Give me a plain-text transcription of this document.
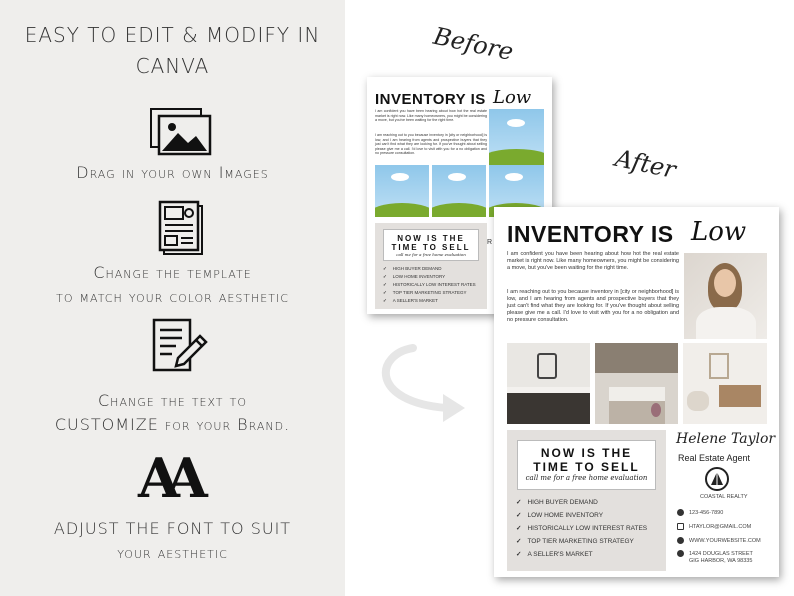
EASY TO EDIT & MODIFY IN
CANVA
Drag in your own Images
Change the template
to match your color aesthetic
Change the text to
CUSTOMIZE for your Brand.
AA
ADJUST THE FONT TO SUIT
your aesthetic
Before
After
INVENTORY IS Low
I am confident you have been hearing about how hot the real estate market is right now. Like many homeowners, you might be considering a move, but you've been waiting for the right time.
I am reaching out to you because inventory in [city or neighborhood] is low, and I am hearing from agents and prospective buyers that they just can't find what they are looking for. If you've thought about selling please give me a call. I'd love to visit with you for a no obligation and no pressure consultation.
NOW IS THE
TIME TO SELL
call me for a free home evaluation
✓ HIGH BUYER DEMAND
✓ LOW HOME INVENTORY
✓ HISTORICALLY LOW INTEREST RATES
✓ TOP TIER MARKETING STRATEGY
✓ A SELLER'S MARKET
R INVENTORY IS Low
I am confident you have been hearing about how hot the real estate market is right now. Like many homeowners, you might be considering a move, but you've been waiting for the right time.
I am reaching out to you because inventory in [city or neighborhood] is low, and I am hearing from agents and prospective buyers that they just can't find what they are looking for. If you've thought about selling please give me a call. I'd love to visit with you for a no obligation and no pressure consultation.
NOW IS THE
TIME TO SELL
call me for a free home evaluation
✓ HIGH BUYER DEMAND
✓ LOW HOME INVENTORY
✓ HISTORICALLY LOW INTEREST RATES
✓ TOP TIER MARKETING STRATEGY
✓ A SELLER'S MARKET
Helene Taylor
Real Estate Agent
COASTAL REALTY
123-456-7890
HTAYLOR@GMAIL.COM
WWW.YOURWEBSITE.COM
1424 DOUGLAS STREET
GIG HARBOR, WA 98335
